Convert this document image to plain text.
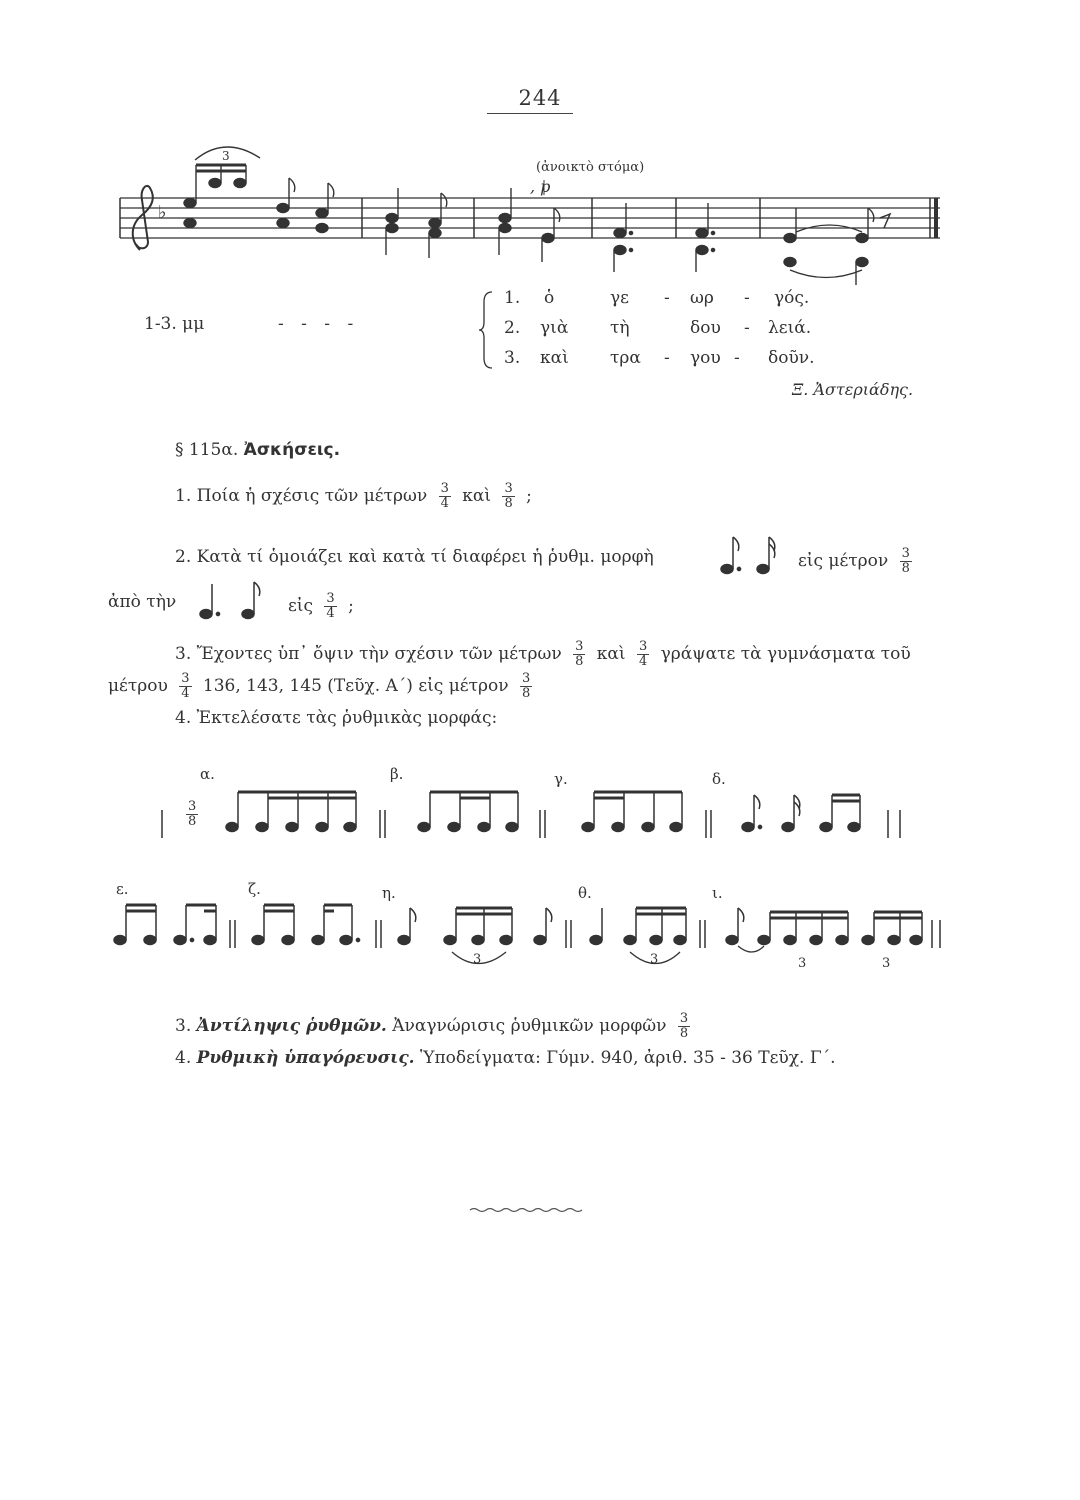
244
♭
3
(ἀνοικτὸ στόμα)
, p
1-3. μμ	- - - -
1. ὁ	γε - ωρ - γός.
2. γιὰ τὴ	δου - λειά.
3. καὶ τρα - γου - δοῦν.
Ξ. Ἀστεριάδης.
§ 115α. Ἀσκήσεις.
1. Ποία ἡ σχέσις τῶν μέτρων $\frac{3}{4}$ καὶ $\frac{3}{8}$ ;
2. Κατὰ τί ὁμοιάζει καὶ κατὰ τί διαφέρει ἡ ῥυθμ. μορφὴ	εἰς μέτρον $\frac{3}{8}$
ἀπὸ τὴν	εἰς $\frac{3}{4}$ ;
3. Ἔχοντες ὑπ᾽ ὄψιν τὴν σχέσιν τῶν μέτρων $\frac{3}{8}$ καὶ $\frac{3}{4}$ γράψατε τὰ γυμνάσματα τοῦ
μέτρου $\frac{3}{4} 136$, 143, 145 (Τεῦχ. Α΄) εἰς μέτρον $\frac{3}{8}$
4. Ἐκτελέσατε τὰς ῥυθμικὰς μορφάς:
α.	β.	γ.	δ.
ε.	ζ.	η.	θ.	ι.
$\frac{3}{8}$
3	3	3	3
3. Ἀντίληψις ῥυθμῶν. Ἀναγνώρισις ῥυθμικῶν μορφῶν $\frac{3}{8}$
4. Ρυθμικὴ ὑπαγόρευσις. Ὑποδείγματα: Γύμν. 940, ἀριθ. 35 - 36 Τεῦχ. Γ΄.
